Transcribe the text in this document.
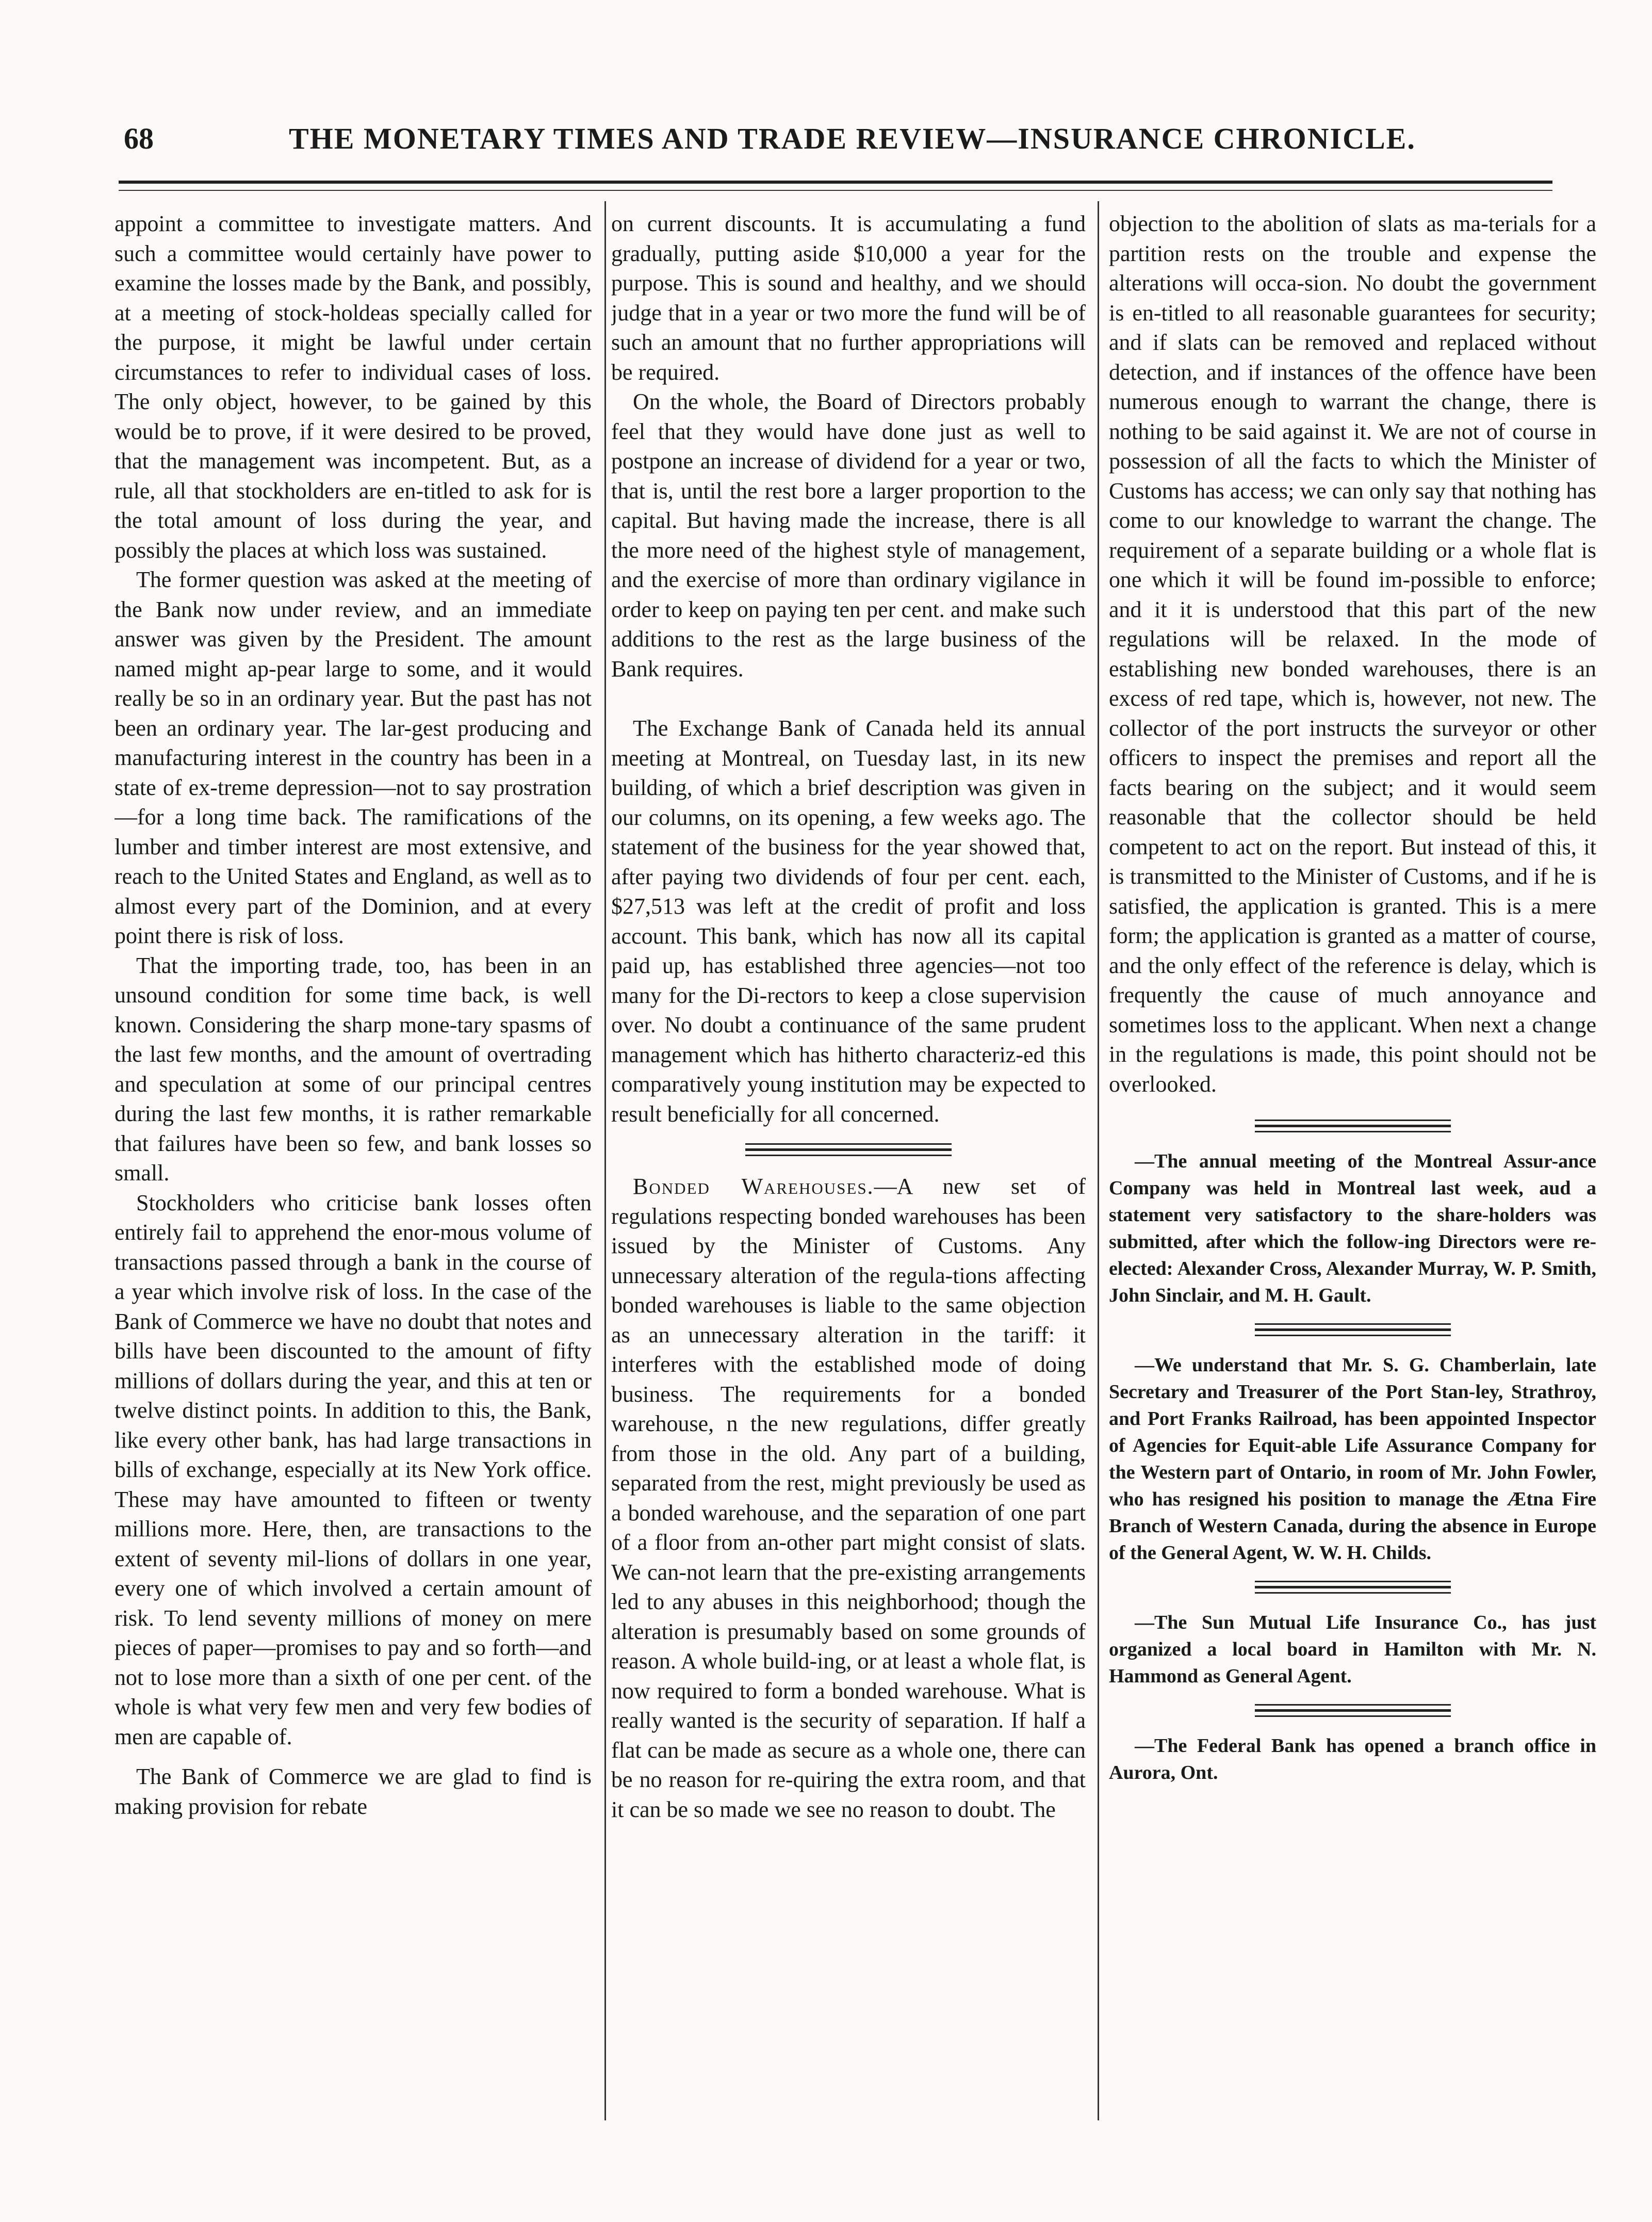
68	THE MONETARY TIMES AND TRADE REVIEW—INSURANCE CHRONICLE.

appoint a committee to investigate matters. And such a committee would certainly have power to examine the losses made by the Bank, and possibly, at a meeting of stock-holdeas specially called for the purpose, it might be lawful under certain circumstances to refer to individual cases of loss. The only object, however, to be gained by this would be to prove, if it were desired to be proved, that the management was incompetent. But, as a rule, all that stockholders are en-titled to ask for is the total amount of loss during the year, and possibly the places at which loss was sustained.

The former question was asked at the meeting of the Bank now under review, and an immediate answer was given by the President. The amount named might ap-pear large to some, and it would really be so in an ordinary year. But the past has not been an ordinary year. The lar-gest producing and manufacturing interest in the country has been in a state of ex-treme depression—not to say prostration—for a long time back. The ramifications of the lumber and timber interest are most extensive, and reach to the United States and England, as well as to almost every part of the Dominion, and at every point there is risk of loss.

That the importing trade, too, has been in an unsound condition for some time back, is well known. Considering the sharp mone-tary spasms of the last few months, and the amount of overtrading and speculation at some of our principal centres during the last few months, it is rather remarkable that failures have been so few, and bank losses so small.

Stockholders who criticise bank losses often entirely fail to apprehend the enor-mous volume of transactions passed through a bank in the course of a year which involve risk of loss. In the case of the Bank of Commerce we have no doubt that notes and bills have been discounted to the amount of fifty millions of dollars during the year, and this at ten or twelve distinct points. In addition to this, the Bank, like every other bank, has had large transactions in bills of exchange, especially at its New York office. These may have amounted to fifteen or twenty millions more. Here, then, are transactions to the extent of seventy mil-lions of dollars in one year, every one of which involved a certain amount of risk. To lend seventy millions of money on mere pieces of paper—promises to pay and so forth—and not to lose more than a sixth of one per cent. of the whole is what very few men and very few bodies of men are capable of.

The Bank of Commerce we are glad to find is making provision for rebate

on current discounts. It is accumulating a fund gradually, putting aside $10,000 a year for the purpose. This is sound and healthy, and we should judge that in a year or two more the fund will be of such an amount that no further appropriations will be required.

On the whole, the Board of Directors probably feel that they would have done just as well to postpone an increase of dividend for a year or two, that is, until the rest bore a larger proportion to the capital. But having made the increase, there is all the more need of the highest style of management, and the exercise of more than ordinary vigilance in order to keep on paying ten per cent. and make such additions to the rest as the large business of the Bank requires.

The Exchange Bank of Canada held its annual meeting at Montreal, on Tuesday last, in its new building, of which a brief description was given in our columns, on its opening, a few weeks ago. The statement of the business for the year showed that, after paying two dividends of four per cent. each, $27,513 was left at the credit of profit and loss account. This bank, which has now all its capital paid up, has established three agencies—not too many for the Di-rectors to keep a close supervision over. No doubt a continuance of the same prudent management which has hitherto characteriz-ed this comparatively young institution may be expected to result beneficially for all concerned.

Bonded Warehouses.—A new set of regulations respecting bonded warehouses has been issued by the Minister of Customs. Any unnecessary alteration of the regula-tions affecting bonded warehouses is liable to the same objection as an unnecessary alteration in the tariff: it interferes with the established mode of doing business. The requirements for a bonded warehouse, n the new regulations, differ greatly from those in the old. Any part of a building, separated from the rest, might previously be used as a bonded warehouse, and the separation of one part of a floor from an-other part might consist of slats. We can-not learn that the pre-existing arrangements led to any abuses in this neighborhood; though the alteration is presumably based on some grounds of reason. A whole build-ing, or at least a whole flat, is now required to form a bonded warehouse. What is really wanted is the security of separation. If half a flat can be made as secure as a whole one, there can be no reason for re-quiring the extra room, and that it can be so made we see no reason to doubt. The

objection to the abolition of slats as ma-terials for a partition rests on the trouble and expense the alterations will occa-sion. No doubt the government is en-titled to all reasonable guarantees for security; and if slats can be removed and replaced without detection, and if instances of the offence have been numerous enough to warrant the change, there is nothing to be said against it. We are not of course in possession of all the facts to which the Minister of Customs has access; we can only say that nothing has come to our knowledge to warrant the change. The requirement of a separate building or a whole flat is one which it will be found im-possible to enforce; and it it is understood that this part of the new regulations will be relaxed. In the mode of establishing new bonded warehouses, there is an excess of red tape, which is, however, not new. The collector of the port instructs the surveyor or other officers to inspect the premises and report all the facts bearing on the subject; and it would seem reasonable that the collector should be held competent to act on the report. But instead of this, it is transmitted to the Minister of Customs, and if he is satisfied, the application is granted. This is a mere form; the application is granted as a matter of course, and the only effect of the reference is delay, which is frequently the cause of much annoyance and sometimes loss to the applicant. When next a change in the regulations is made, this point should not be overlooked.

—The annual meeting of the Montreal Assur-ance Company was held in Montreal last week, aud a statement very satisfactory to the share-holders was submitted, after which the follow-ing Directors were re-elected: Alexander Cross, Alexander Murray, W. P. Smith, John Sinclair, and M. H. Gault.

—We understand that Mr. S. G. Chamberlain, late Secretary and Treasurer of the Port Stan-ley, Strathroy, and Port Franks Railroad, has been appointed Inspector of Agencies for Equit-able Life Assurance Company for the Western part of Ontario, in room of Mr. John Fowler, who has resigned his position to manage the Ætna Fire Branch of Western Canada, during the absence in Europe of the General Agent, W. W. H. Childs.

—The Sun Mutual Life Insurance Co., has just organized a local board in Hamilton with Mr. N. Hammond as General Agent.

—The Federal Bank has opened a branch office in Aurora, Ont.
